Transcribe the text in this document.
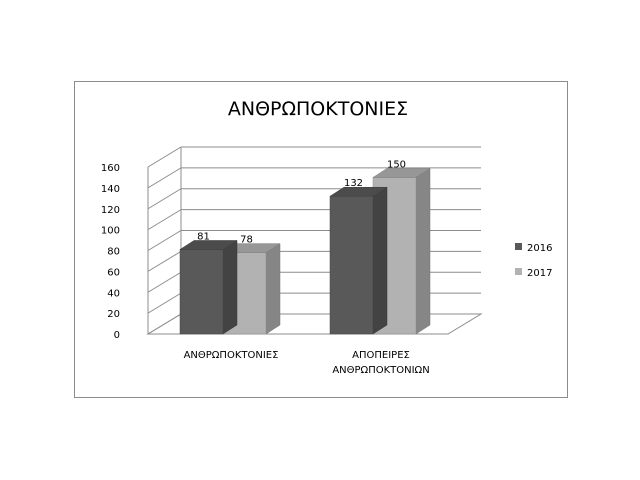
ΑΝΘΡΩΠΟΚΤΟΝΙΕΣ
0
20
40
60
80
100
120
140
160
78
81
150
132
ΑΝΘΡΩΠΟΚΤΟΝΙΕΣ	ΑΠΟΠΕΙΡΕΣ
ΑΝΘΡΩΠΟΚΤΟΝΙΩΝ
2016
2017
